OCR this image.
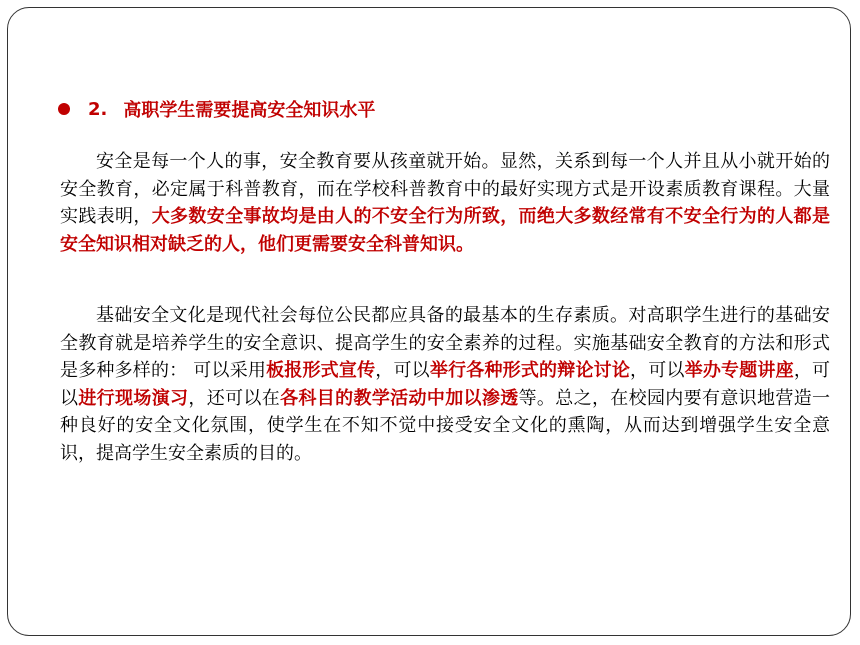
2. 高职学生需要提高安全知识水平

安全是每一个人的事，安全教育要从孩童就开始。显然，关系到每一个人并且从小就开始的安全教育，必定属于科普教育，而在学校科普教育中的最好实现方式是开设素质教育课程。大量实践表明，大多数安全事故均是由人的不安全行为所致，而绝大多数经常有不安全行为的人都是安全知识相对缺乏的人，他们更需要安全科普知识。

基础安全文化是现代社会每位公民都应具备的最基本的生存素质。对高职学生进行的基础安全教育就是培养学生的安全意识、提高学生的安全素养的过程。实施基础安全教育的方法和形式是多种多样的： 可以采用板报形式宣传，可以举行各种形式的辩论讨论，可以举办专题讲座，可以进行现场演习，还可以在各科目的教学活动中加以渗透等。总之，在校园内要有意识地营造一种良好的安全文化氛围，使学生在不知不觉中接受安全文化的熏陶，从而达到增强学生安全意识，提高学生安全素质的目的。
